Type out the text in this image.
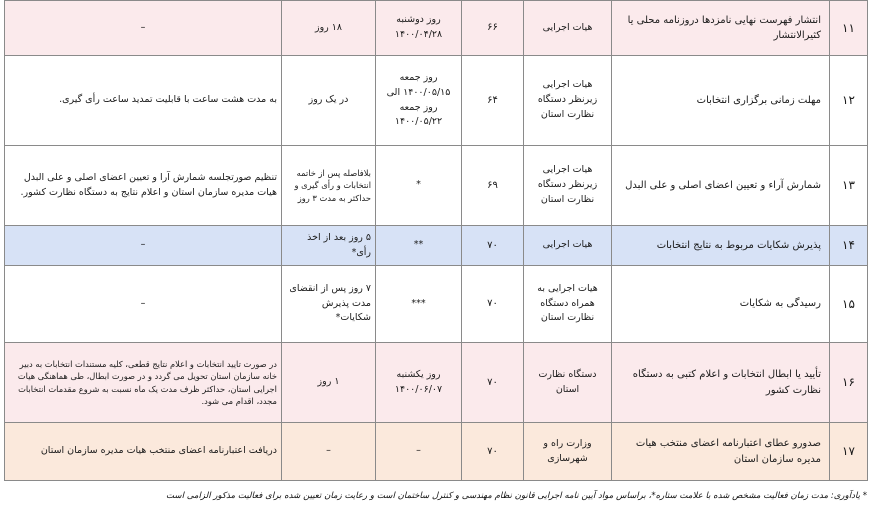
۱۱	انتشار فهرست نهایی نامزدها دروزنامه محلی یا کثیرالانتشار	هیات اجرایی	۶۶	روز دوشنبه ۱۴۰۰/۰۴/۲۸	۱۸ روز	–
۱۲	مهلت زمانی برگزاری انتخابات	هیات اجرایی زیرنظر دستگاه نظارت استان	۶۴	روز جمعه ۱۴۰۰/۰۵/۱۵ الی روز جمعه ۱۴۰۰/۰۵/۲۲	در یک روز	به مدت هشت ساعت با قابلیت تمدید ساعت رأی گیری.
۱۳	شمارش آراء و تعیین اعضای اصلی و علی البدل	هیات اجرایی زیرنظر دستگاه نظارت استان	۶۹	*	بلافاصله پس از خاتمه انتخابات و رأی گیری و حداکثر به مدت ۳ روز	تنظیم صورتجلسه شمارش آرا و تعیین اعضای اصلی و علی البدل هیات مدیره سازمان استان و اعلام نتایج به دستگاه نظارت کشور.
۱۴	پذیرش شکایات مربوط به نتایج انتخابات	هیات اجرایی	۷۰	**	۵ روز بعد از اخذ رأی*	–
۱۵	رسیدگی به شکایات	هیات اجرایی به همراه دستگاه نظارت استان	۷۰	***	۷ روز پس از انقضای مدت پذیرش شکایات*	–
۱۶	تأیید یا ابطال انتخابات و اعلام کتبی به دستگاه نظارت کشور	دستگاه نظارت استان	۷۰	روز یکشنبه ۱۴۰۰/۰۶/۰۷	۱ روز	در صورت تایید انتخابات و اعلام نتایج قطعی، کلیه مستندات انتخابات به دبیر خانه سازمان استان تحویل می گردد و در صورت ابطال، طی هماهنگی هیات اجرایی استان، حداکثر ظرف مدت یک ماه نسبت به شروع مقدمات انتخابات مجدد، اقدام می شود.
۱۷	صدورو عطای اعتبارنامه اعضای منتخب هیات مدیره سازمان استان	وزارت راه و شهرسازی	۷۰	–	–	دریافت اعتبارنامه اعضای منتخب هیات مدیره سازمان استان
* یادآوری: مدت زمان فعالیت مشخص شده با علامت ستاره*، براساس مواد آیین نامه اجرایی قانون نظام مهندسی و کنترل ساختمان است و رعایت زمان تعیین شده برای فعالیت مذکور الزامی است
